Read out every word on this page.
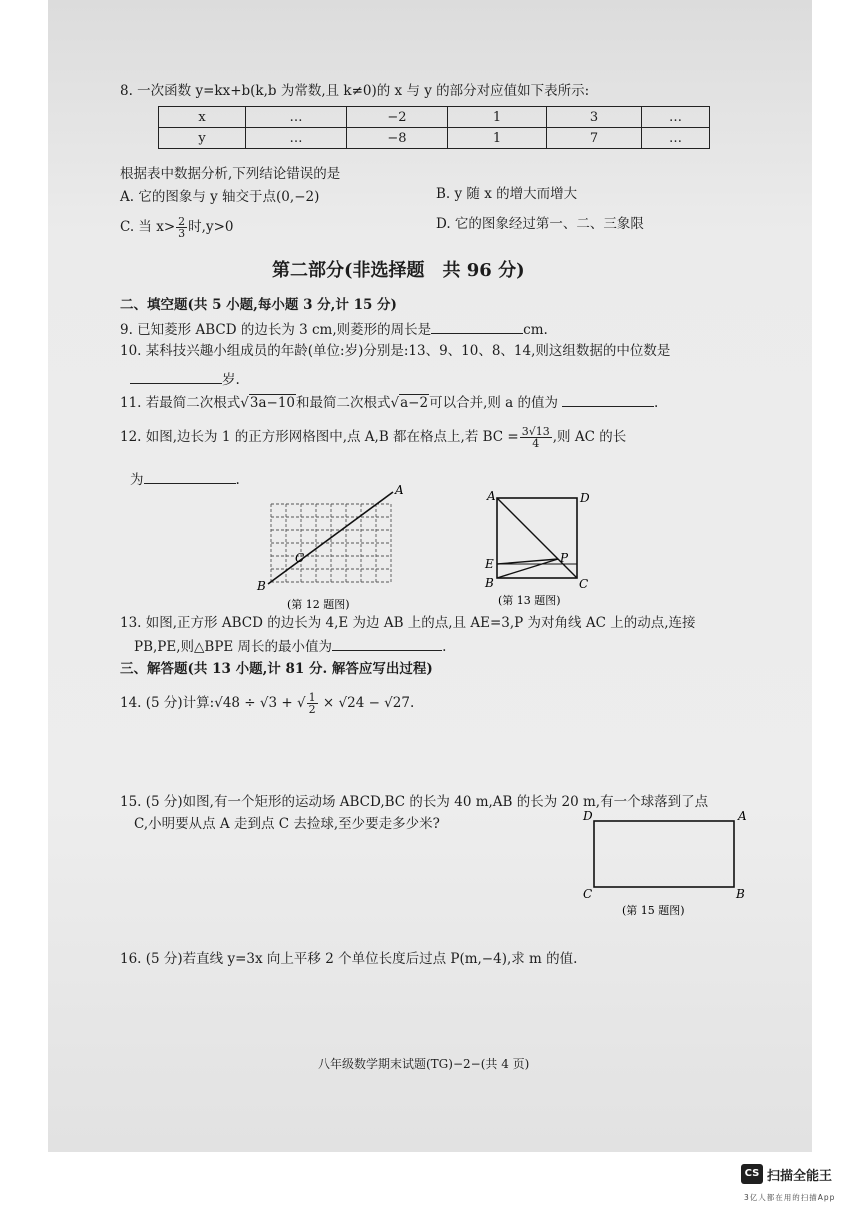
8. 一次函数 y=kx+b(k,b 为常数,且 k≠0)的 x 与 y 的部分对应值如下表所示:
x	…	−2	1	3	…
y	…	−8	1	7	…
根据表中数据分析,下列结论错误的是
A. 它的图象与 y 轴交于点(0,−2)	B. y 随 x 的增大而增大
C. 当 $x> \frac{2}{3}$ 时,y>0	D. 它的图象经过第一、二、三象限
第二部分(非选择题　共 96 分)
二、填空题(共 5 小题,每小题 3 分,计 15 分)
9. 已知菱形 ABCD 的边长为 3 cm,则菱形的周长是	cm.
10. 某科技兴趣小组成员的年龄(单位:岁)分别是:13、9、10、8、14,则这组数据的中位数是
岁.
11. 若最简二次根式√3a−10和最简二次根式√a−2可以合并,则 a 的值为	.
12. 如图,边长为 1 的正方形网格图中,点 A,B 都在格点上,若 BC = $\frac{3√13}{4}$ ,则 AC 的长
为	.
A
B
C
(第 12 题图)
A	D
E	P
B	C
(第 13 题图)
13. 如图,正方形 ABCD 的边长为 4,E 为边 AB 上的点,且 AE=3,P 为对角线 AC 上的动点,连接
PB,PE,则△BPE 周长的最小值为	.
三、解答题(共 13 小题,计 81 分. 解答应写出过程)
14. (5 分)计算:√48 ÷ √3 + √ $\frac{1}{2} \times √24 - √27$.
15. (5 分)如图,有一个矩形的运动场 ABCD,BC 的长为 40 m,AB 的长为 20 m,有一个球落到了点
C,小明要从点 A 走到点 C 去捡球,至少要走多少米?	D	A
C	B
(第 15 题图)
16. (5 分)若直线 y=3x 向上平移 2 个单位长度后过点 P(m,−4),求 m 的值.
八年级数学期末试题(TG)−2−(共 4 页)
CS 扫描全能王
3亿人都在用的扫描App
